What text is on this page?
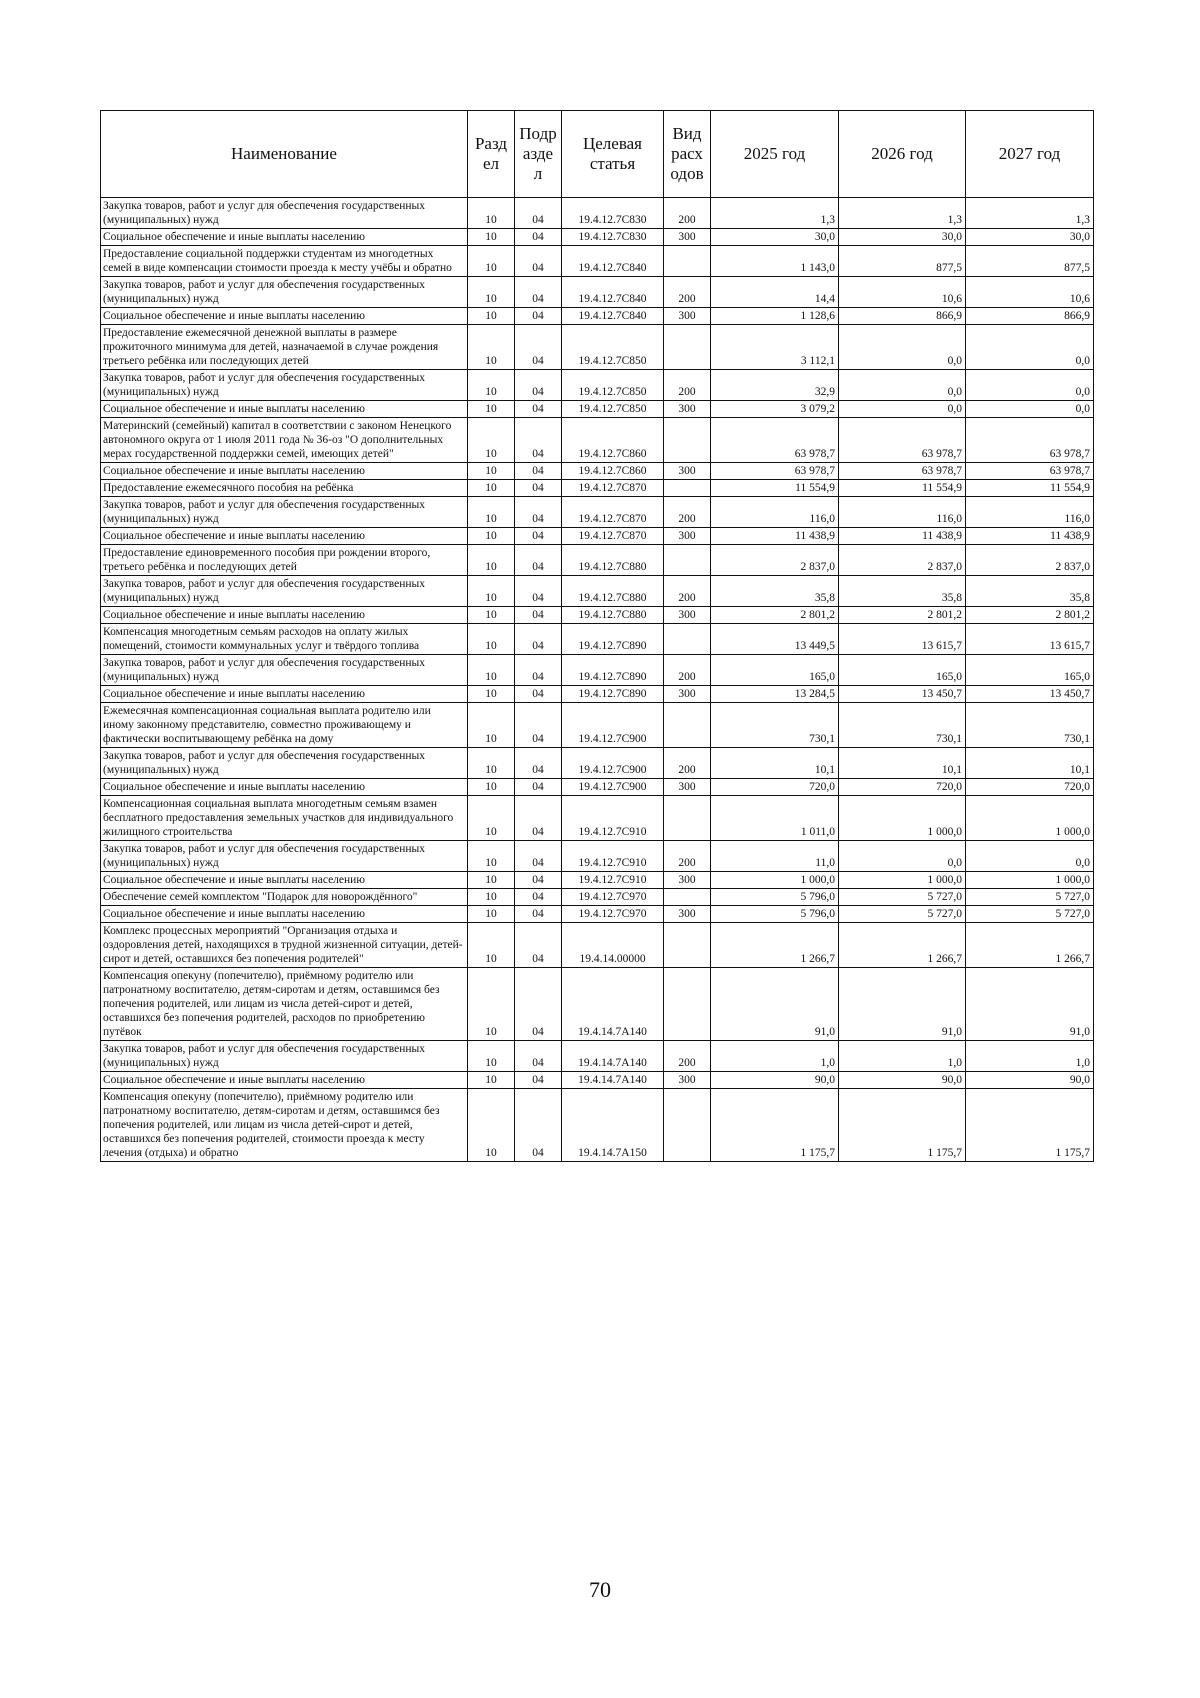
Наименование	Разд ел	Подр азде л	Целевая статья	Вид расх одов	2025 год	2026 год	2027 год
Закупка товаров, работ и услуг для обеспечения государственных (муниципальных) нужд	10	04	19.4.12.7С830	200	1,3	1,3	1,3
Социальное обеспечение и иные выплаты населению	10	04	19.4.12.7С830	300	30,0	30,0	30,0
Предоставление социальной поддержки студентам из многодетных семей в виде компенсации стоимости проезда к месту учёбы и обратно	10	04	19.4.12.7С840		1 143,0	877,5	877,5
Закупка товаров, работ и услуг для обеспечения государственных (муниципальных) нужд	10	04	19.4.12.7С840	200	14,4	10,6	10,6
Социальное обеспечение и иные выплаты населению	10	04	19.4.12.7С840	300	1 128,6	866,9	866,9
Предоставление ежемесячной денежной выплаты в размере прожиточного минимума для детей, назначаемой в случае рождения третьего ребёнка или последующих детей	10	04	19.4.12.7С850		3 112,1	0,0	0,0
Закупка товаров, работ и услуг для обеспечения государственных (муниципальных) нужд	10	04	19.4.12.7С850	200	32,9	0,0	0,0
Социальное обеспечение и иные выплаты населению	10	04	19.4.12.7С850	300	3 079,2	0,0	0,0
Материнский (семейный) капитал в соответствии с законом Ненецкого автономного округа от 1 июля 2011 года № 36-оз "О дополнительных мерах государственной поддержки семей, имеющих детей"	10	04	19.4.12.7С860		63 978,7	63 978,7	63 978,7
Социальное обеспечение и иные выплаты населению	10	04	19.4.12.7С860	300	63 978,7	63 978,7	63 978,7
Предоставление ежемесячного пособия на ребёнка	10	04	19.4.12.7С870		11 554,9	11 554,9	11 554,9
Закупка товаров, работ и услуг для обеспечения государственных (муниципальных) нужд	10	04	19.4.12.7С870	200	116,0	116,0	116,0
Социальное обеспечение и иные выплаты населению	10	04	19.4.12.7С870	300	11 438,9	11 438,9	11 438,9
Предоставление единовременного пособия при рождении второго, третьего ребёнка и последующих детей	10	04	19.4.12.7С880		2 837,0	2 837,0	2 837,0
Закупка товаров, работ и услуг для обеспечения государственных (муниципальных) нужд	10	04	19.4.12.7С880	200	35,8	35,8	35,8
Социальное обеспечение и иные выплаты населению	10	04	19.4.12.7С880	300	2 801,2	2 801,2	2 801,2
Компенсация многодетным семьям расходов на оплату жилых помещений, стоимости коммунальных услуг и твёрдого топлива	10	04	19.4.12.7С890		13 449,5	13 615,7	13 615,7
Закупка товаров, работ и услуг для обеспечения государственных (муниципальных) нужд	10	04	19.4.12.7С890	200	165,0	165,0	165,0
Социальное обеспечение и иные выплаты населению	10	04	19.4.12.7С890	300	13 284,5	13 450,7	13 450,7
Ежемесячная компенсационная социальная выплата родителю или иному законному представителю, совместно проживающему и фактически воспитывающему ребёнка на дому	10	04	19.4.12.7С900		730,1	730,1	730,1
Закупка товаров, работ и услуг для обеспечения государственных (муниципальных) нужд	10	04	19.4.12.7С900	200	10,1	10,1	10,1
Социальное обеспечение и иные выплаты населению	10	04	19.4.12.7С900	300	720,0	720,0	720,0
Компенсационная социальная выплата многодетным семьям взамен бесплатного предоставления земельных участков для индивидуального жилищного строительства	10	04	19.4.12.7С910		1 011,0	1 000,0	1 000,0
Закупка товаров, работ и услуг для обеспечения государственных (муниципальных) нужд	10	04	19.4.12.7С910	200	11,0	0,0	0,0
Социальное обеспечение и иные выплаты населению	10	04	19.4.12.7С910	300	1 000,0	1 000,0	1 000,0
Обеспечение семей комплектом "Подарок для новорождённого"	10	04	19.4.12.7С970		5 796,0	5 727,0	5 727,0
Социальное обеспечение и иные выплаты населению	10	04	19.4.12.7С970	300	5 796,0	5 727,0	5 727,0
Комплекс процессных мероприятий "Организация отдыха и оздоровления детей, находящихся в трудной жизненной ситуации, детей-сирот и детей, оставшихся без попечения родителей"	10	04	19.4.14.00000		1 266,7	1 266,7	1 266,7
Компенсация опекуну (попечителю), приёмному родителю или патронатному воспитателю, детям-сиротам и детям, оставшимся без попечения родителей, или лицам из числа детей-сирот и детей, оставшихся без попечения родителей, расходов по приобретению путёвок	10	04	19.4.14.7А140		91,0	91,0	91,0
Закупка товаров, работ и услуг для обеспечения государственных (муниципальных) нужд	10	04	19.4.14.7А140	200	1,0	1,0	1,0
Социальное обеспечение и иные выплаты населению	10	04	19.4.14.7А140	300	90,0	90,0	90,0
Компенсация опекуну (попечителю), приёмному родителю или патронатному воспитателю, детям-сиротам и детям, оставшимся без попечения родителей, или лицам из числа детей-сирот и детей, оставшихся без попечения родителей, стоимости проезда к месту лечения (отдыха) и обратно	10	04	19.4.14.7А150		1 175,7	1 175,7	1 175,7
70
